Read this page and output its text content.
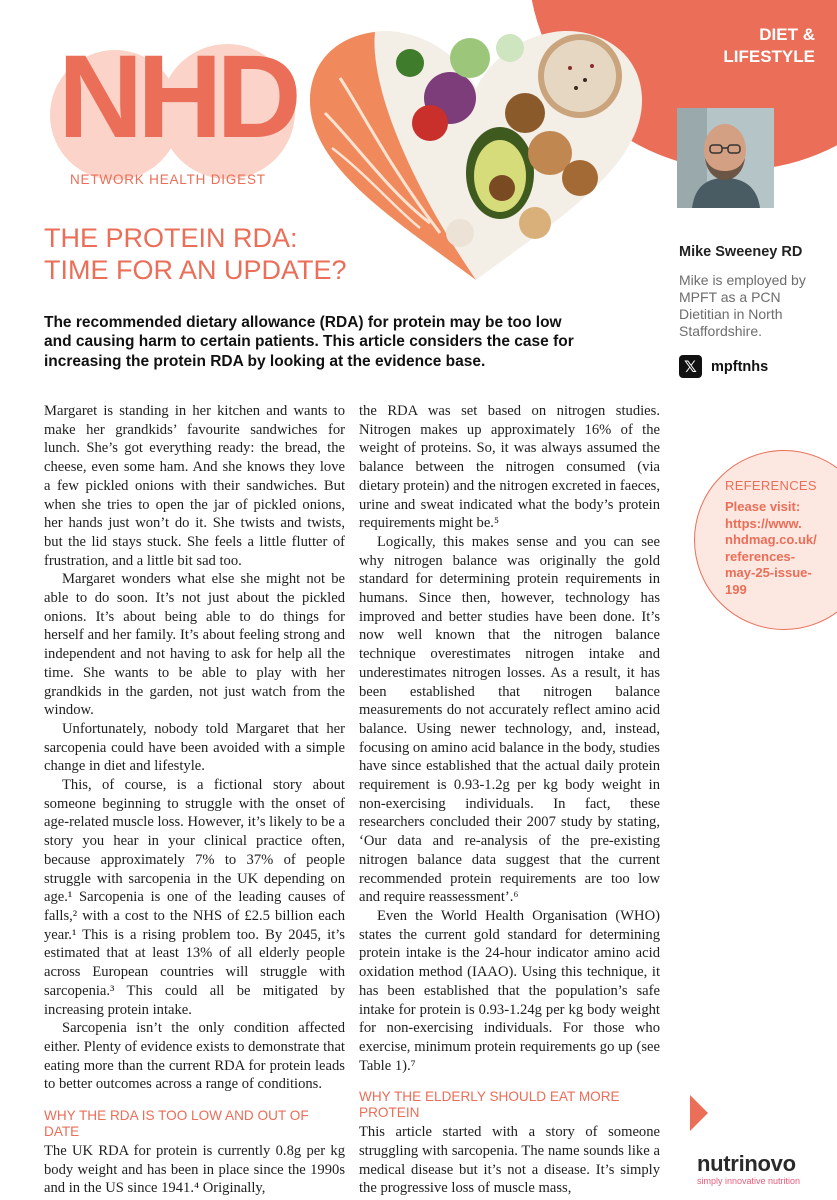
DIET &
LIFESTYLE
NHD
NETWORK HEALTH DIGEST
THE PROTEIN RDA:
TIME FOR AN UPDATE?
Mike Sweeney RD
Mike is employed by MPFT as a PCN Dietitian in North Staffordshire.
𝕏 mpftnhs
REFERENCES
Please visit: https://www. nhdmag.co.uk/ references-may-25-issue-199

The recommended dietary allowance (RDA) for protein may be too low and causing harm to certain patients. This article considers the case for increasing the protein RDA by looking at the evidence base.

Margaret is standing in her kitchen and wants to make her grandkids’ favourite sandwiches for lunch. She’s got everything ready: the bread, the cheese, even some ham. And she knows they love a few pickled onions with their sandwiches. But when she tries to open the jar of pickled onions, her hands just won’t do it. She twists and twists, but the lid stays stuck. She feels a little flutter of frustration, and a little bit sad too.

Margaret wonders what else she might not be able to do soon. It’s not just about the pickled onions. It’s about being able to do things for herself and her family. It’s about feeling strong and independent and not having to ask for help all the time. She wants to be able to play with her grandkids in the garden, not just watch from the window.

Unfortunately, nobody told Margaret that her sarcopenia could have been avoided with a simple change in diet and lifestyle.

This, of course, is a fictional story about someone beginning to struggle with the onset of age-related muscle loss. However, it’s likely to be a story you hear in your clinical practice often, because approximately 7% to 37% of people struggle with sarcopenia in the UK depending on age.¹ Sarcopenia is one of the leading causes of falls,² with a cost to the NHS of £2.5 billion each year.¹ This is a rising problem too. By 2045, it’s estimated that at least 13% of all elderly people across European countries will struggle with sarcopenia.³ This could all be mitigated by increasing protein intake.

Sarcopenia isn’t the only condition affected either. Plenty of evidence exists to demonstrate that eating more than the current RDA for protein leads to better outcomes across a range of conditions.

WHY THE RDA IS TOO LOW AND OUT OF DATE

The UK RDA for protein is currently 0.8g per kg body weight and has been in place since the 1990s and in the US since 1941.⁴ Originally,

the RDA was set based on nitrogen studies. Nitrogen makes up approximately 16% of the weight of proteins. So, it was always assumed the balance between the nitrogen consumed (via dietary protein) and the nitrogen excreted in faeces, urine and sweat indicated what the body’s protein requirements might be.⁵

Logically, this makes sense and you can see why nitrogen balance was originally the gold standard for determining protein requirements in humans. Since then, however, technology has improved and better studies have been done. It’s now well known that the nitrogen balance technique overestimates nitrogen intake and underestimates nitrogen losses. As a result, it has been established that nitrogen balance measurements do not accurately reflect amino acid balance. Using newer technology, and, instead, focusing on amino acid balance in the body, studies have since established that the actual daily protein requirement is 0.93-1.2g per kg body weight in non-exercising individuals. In fact, these researchers concluded their 2007 study by stating, ‘Our data and re-analysis of the pre-existing nitrogen balance data suggest that the current recommended protein requirements are too low and require reassessment’.⁶

Even the World Health Organisation (WHO) states the current gold standard for determining protein intake is the 24-hour indicator amino acid oxidation method (IAAO). Using this technique, it has been established that the population’s safe intake for protein is 0.93-1.24g per kg body weight for non-exercising individuals. For those who exercise, minimum protein requirements go up (see Table 1).⁷

WHY THE ELDERLY SHOULD EAT MORE PROTEIN

This article started with a story of someone struggling with sarcopenia. The name sounds like a medical disease but it’s not a disease. It’s simply the progressive loss of muscle mass,

nutrinovo
simply innovative nutrition
